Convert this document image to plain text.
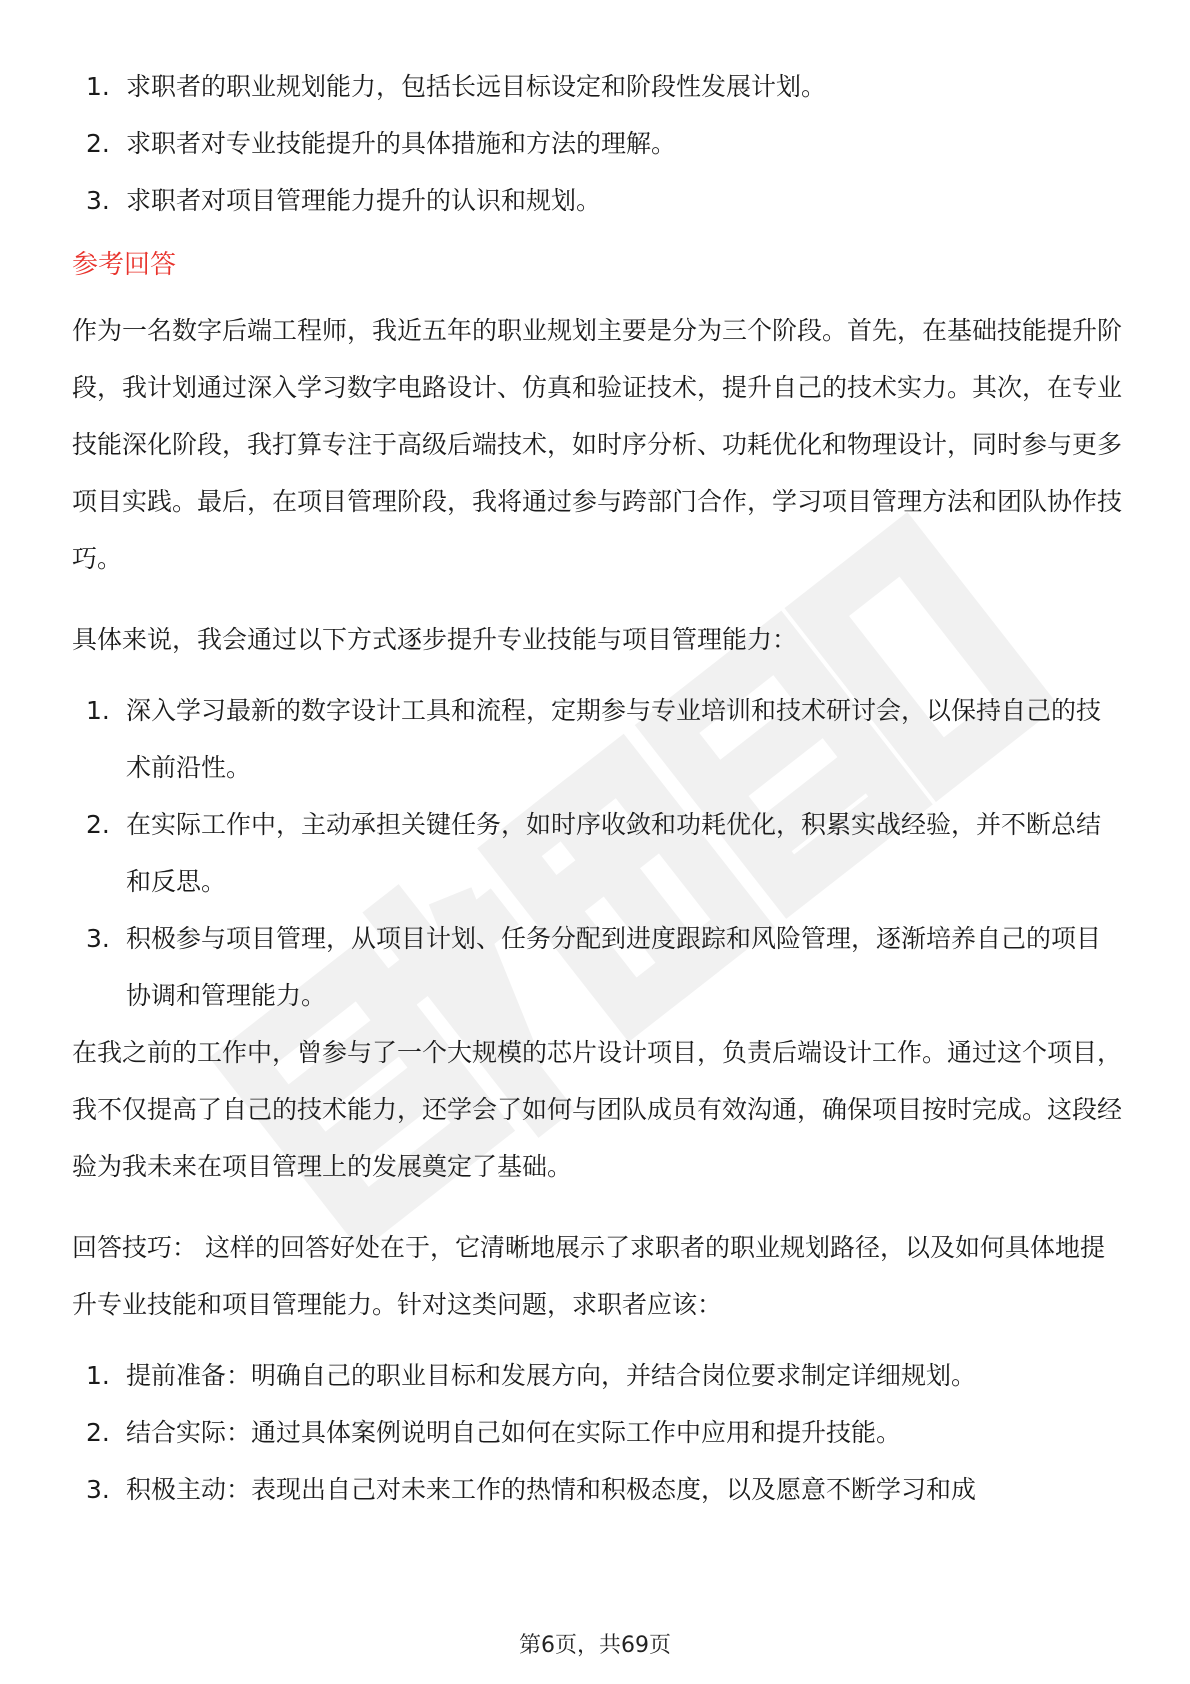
1. 求职者的职业规划能力，包括长远目标设定和阶段性发展计划。
2. 求职者对专业技能提升的具体措施和方法的理解。
3. 求职者对项目管理能力提升的认识和规划。
参考回答

作为一名数字后端工程师，我近五年的职业规划主要是分为三个阶段。首先，在基础技能提升阶段，我计划通过深入学习数字电路设计、仿真和验证技术，提升自己的技术实力。其次，在专业技能深化阶段，我打算专注于高级后端技术，如时序分析、功耗优化和物理设计，同时参与更多项目实践。最后，在项目管理阶段，我将通过参与跨部门合作，学习项目管理方法和团队协作技巧。

具体来说，我会通过以下方式逐步提升专业技能与项目管理能力：

1. 深入学习最新的数字设计工具和流程，定期参与专业培训和技术研讨会，以保持自己的技术前沿性。
2. 在实际工作中，主动承担关键任务，如时序收敛和功耗优化，积累实战经验，并不断总结和反思。
3. 积极参与项目管理，从项目计划、任务分配到进度跟踪和风险管理，逐渐培养自己的项目协调和管理能力。

在我之前的工作中，曾参与了一个大规模的芯片设计项目，负责后端设计工作。通过这个项目，我不仅提高了自己的技术能力，还学会了如何与团队成员有效沟通，确保项目按时完成。这段经验为我未来在项目管理上的发展奠定了基础。

回答技巧： 这样的回答好处在于，它清晰地展示了求职者的职业规划路径，以及如何具体地提升专业技能和项目管理能力。针对这类问题，求职者应该：

1. 提前准备：明确自己的职业目标和发展方向，并结合岗位要求制定详细规划。
2. 结合实际：通过具体案例说明自己如何在实际工作中应用和提升技能。
3. 积极主动：表现出自己对未来工作的热情和积极态度，以及愿意不断学习和成
第6页，共69页
